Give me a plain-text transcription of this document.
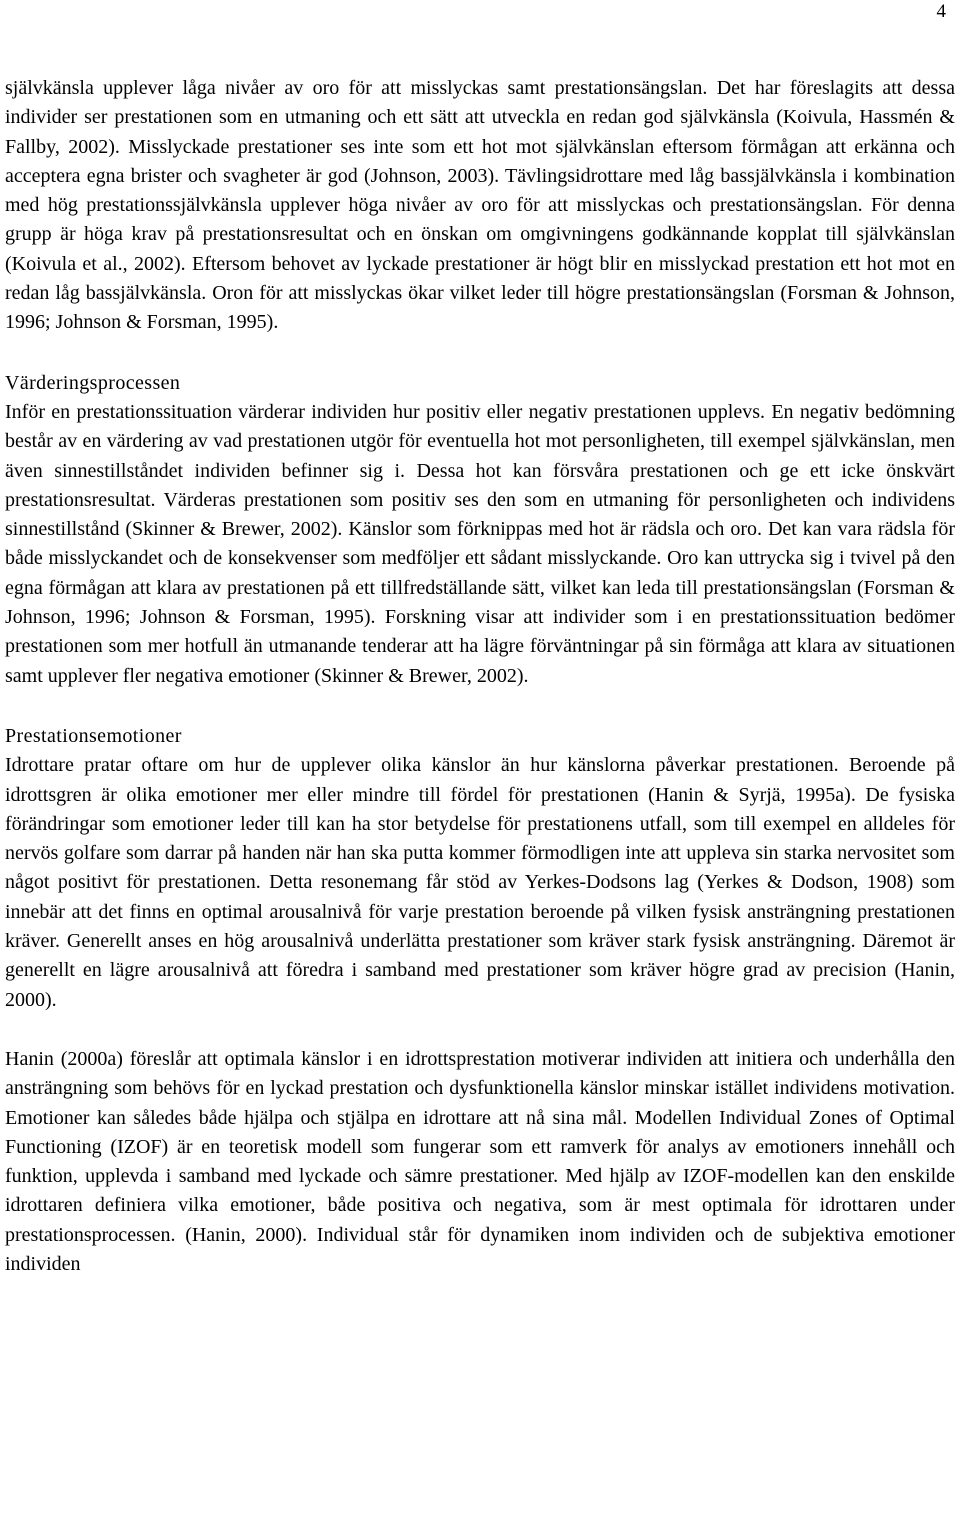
4

självkänsla upplever låga nivåer av oro för att misslyckas samt prestationsängslan. Det har föreslagits att dessa individer ser prestationen som en utmaning och ett sätt att utveckla en redan god självkänsla (Koivula, Hassmén & Fallby, 2002). Misslyckade prestationer ses inte som ett hot mot självkänslan eftersom förmågan att erkänna och acceptera egna brister och svagheter är god (Johnson, 2003). Tävlingsidrottare med låg bassjälvkänsla i kombination med hög prestationssjälvkänsla upplever höga nivåer av oro för att misslyckas och prestationsängslan. För denna grupp är höga krav på prestationsresultat och en önskan om omgivningens godkännande kopplat till självkänslan (Koivula et al., 2002). Eftersom behovet av lyckade prestationer är högt blir en misslyckad prestation ett hot mot en redan låg bassjälvkänsla. Oron för att misslyckas ökar vilket leder till högre prestationsängslan (Forsman & Johnson, 1996; Johnson & Forsman, 1995).

Värderingsprocessen

Inför en prestationssituation värderar individen hur positiv eller negativ prestationen upplevs. En negativ bedömning består av en värdering av vad prestationen utgör för eventuella hot mot personligheten, till exempel självkänslan, men även sinnestillståndet individen befinner sig i. Dessa hot kan försvåra prestationen och ge ett icke önskvärt prestationsresultat. Värderas prestationen som positiv ses den som en utmaning för personligheten och individens sinnestillstånd (Skinner & Brewer, 2002). Känslor som förknippas med hot är rädsla och oro. Det kan vara rädsla för både misslyckandet och de konsekvenser som medföljer ett sådant misslyckande. Oro kan uttrycka sig i tvivel på den egna förmågan att klara av prestationen på ett tillfredställande sätt, vilket kan leda till prestationsängslan (Forsman & Johnson, 1996; Johnson & Forsman, 1995). Forskning visar att individer som i en prestationssituation bedömer prestationen som mer hotfull än utmanande tenderar att ha lägre förväntningar på sin förmåga att klara av situationen samt upplever fler negativa emotioner (Skinner & Brewer, 2002).

Prestationsemotioner

Idrottare pratar oftare om hur de upplever olika känslor än hur känslorna påverkar prestationen. Beroende på idrottsgren är olika emotioner mer eller mindre till fördel för prestationen (Hanin & Syrjä, 1995a). De fysiska förändringar som emotioner leder till kan ha stor betydelse för prestationens utfall, som till exempel en alldeles för nervös golfare som darrar på handen när han ska putta kommer förmodligen inte att uppleva sin starka nervositet som något positivt för prestationen. Detta resonemang får stöd av Yerkes-Dodsons lag (Yerkes & Dodson, 1908) som innebär att det finns en optimal arousalnivå för varje prestation beroende på vilken fysisk ansträngning prestationen kräver. Generellt anses en hög arousalnivå underlätta prestationer som kräver stark fysisk ansträngning. Däremot är generellt en lägre arousalnivå att föredra i samband med prestationer som kräver högre grad av precision (Hanin, 2000).

Hanin (2000a) föreslår att optimala känslor i en idrottsprestation motiverar individen att initiera och underhålla den ansträngning som behövs för en lyckad prestation och dysfunktionella känslor minskar istället individens motivation. Emotioner kan således både hjälpa och stjälpa en idrottare att nå sina mål. Modellen Individual Zones of Optimal Functioning (IZOF) är en teoretisk modell som fungerar som ett ramverk för analys av emotioners innehåll och funktion, upplevda i samband med lyckade och sämre prestationer. Med hjälp av IZOF-modellen kan den enskilde idrottaren definiera vilka emotioner, både positiva och negativa, som är mest optimala för idrottaren under prestationsprocessen. (Hanin, 2000). Individual står för dynamiken inom individen och de subjektiva emotioner individen
